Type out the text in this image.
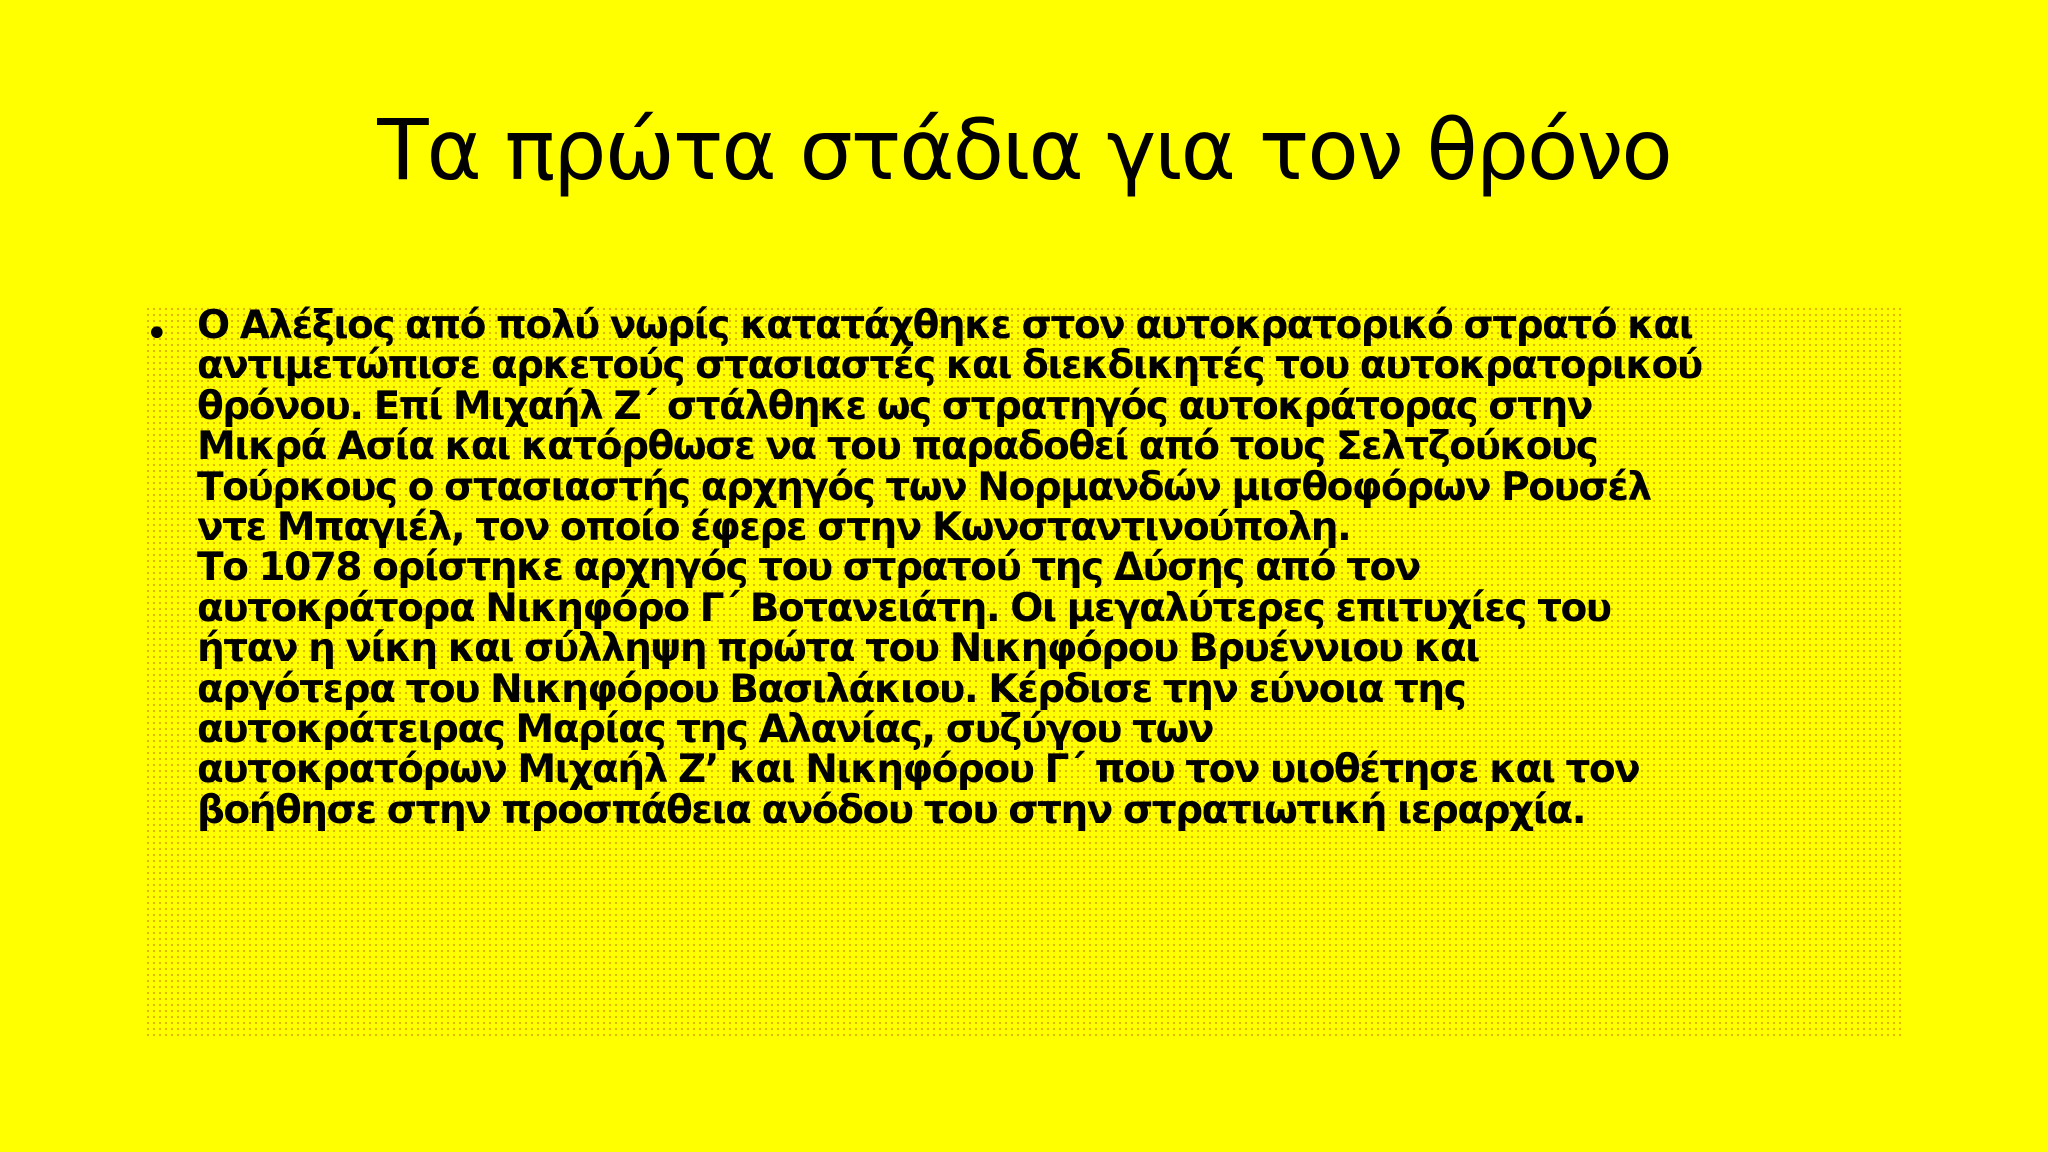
Τα πρώτα στάδια για τον θρόνο
• Ο Αλέξιος από πολύ νωρίς κατατάχθηκε στον αυτοκρατορικό στρατό και
αντιμετώπισε αρκετούς στασιαστές και διεκδικητές του αυτοκρατορικού
θρόνου. Επί Μιχαήλ Ζ΄ στάλθηκε ως στρατηγός αυτοκράτορας στην
Μικρά Ασία και κατόρθωσε να του παραδοθεί από τους Σελτζούκους
Τούρκους ο στασιαστής αρχηγός των Νορμανδών μισθοφόρων Ρουσέλ
ντε Μπαγιέλ, τον οποίο έφερε στην Κωνσταντινούπολη.
Το 1078 ορίστηκε αρχηγός του στρατού της Δύσης από τον
αυτοκράτορα Νικηφόρο Γ΄ Βοτανειάτη. Οι μεγαλύτερες επιτυχίες του
ήταν η νίκη και σύλληψη πρώτα του Νικηφόρου Βρυέννιου και
αργότερα του Νικηφόρου Βασιλάκιου. Κέρδισε την εύνοια της
αυτοκράτειρας Μαρίας της Αλανίας, συζύγου των
αυτοκρατόρων Μιχαήλ Ζ’ και Νικηφόρου Γ΄ που τον υιοθέτησε και τον
βοήθησε στην προσπάθεια ανόδου του στην στρατιωτική ιεραρχία.
